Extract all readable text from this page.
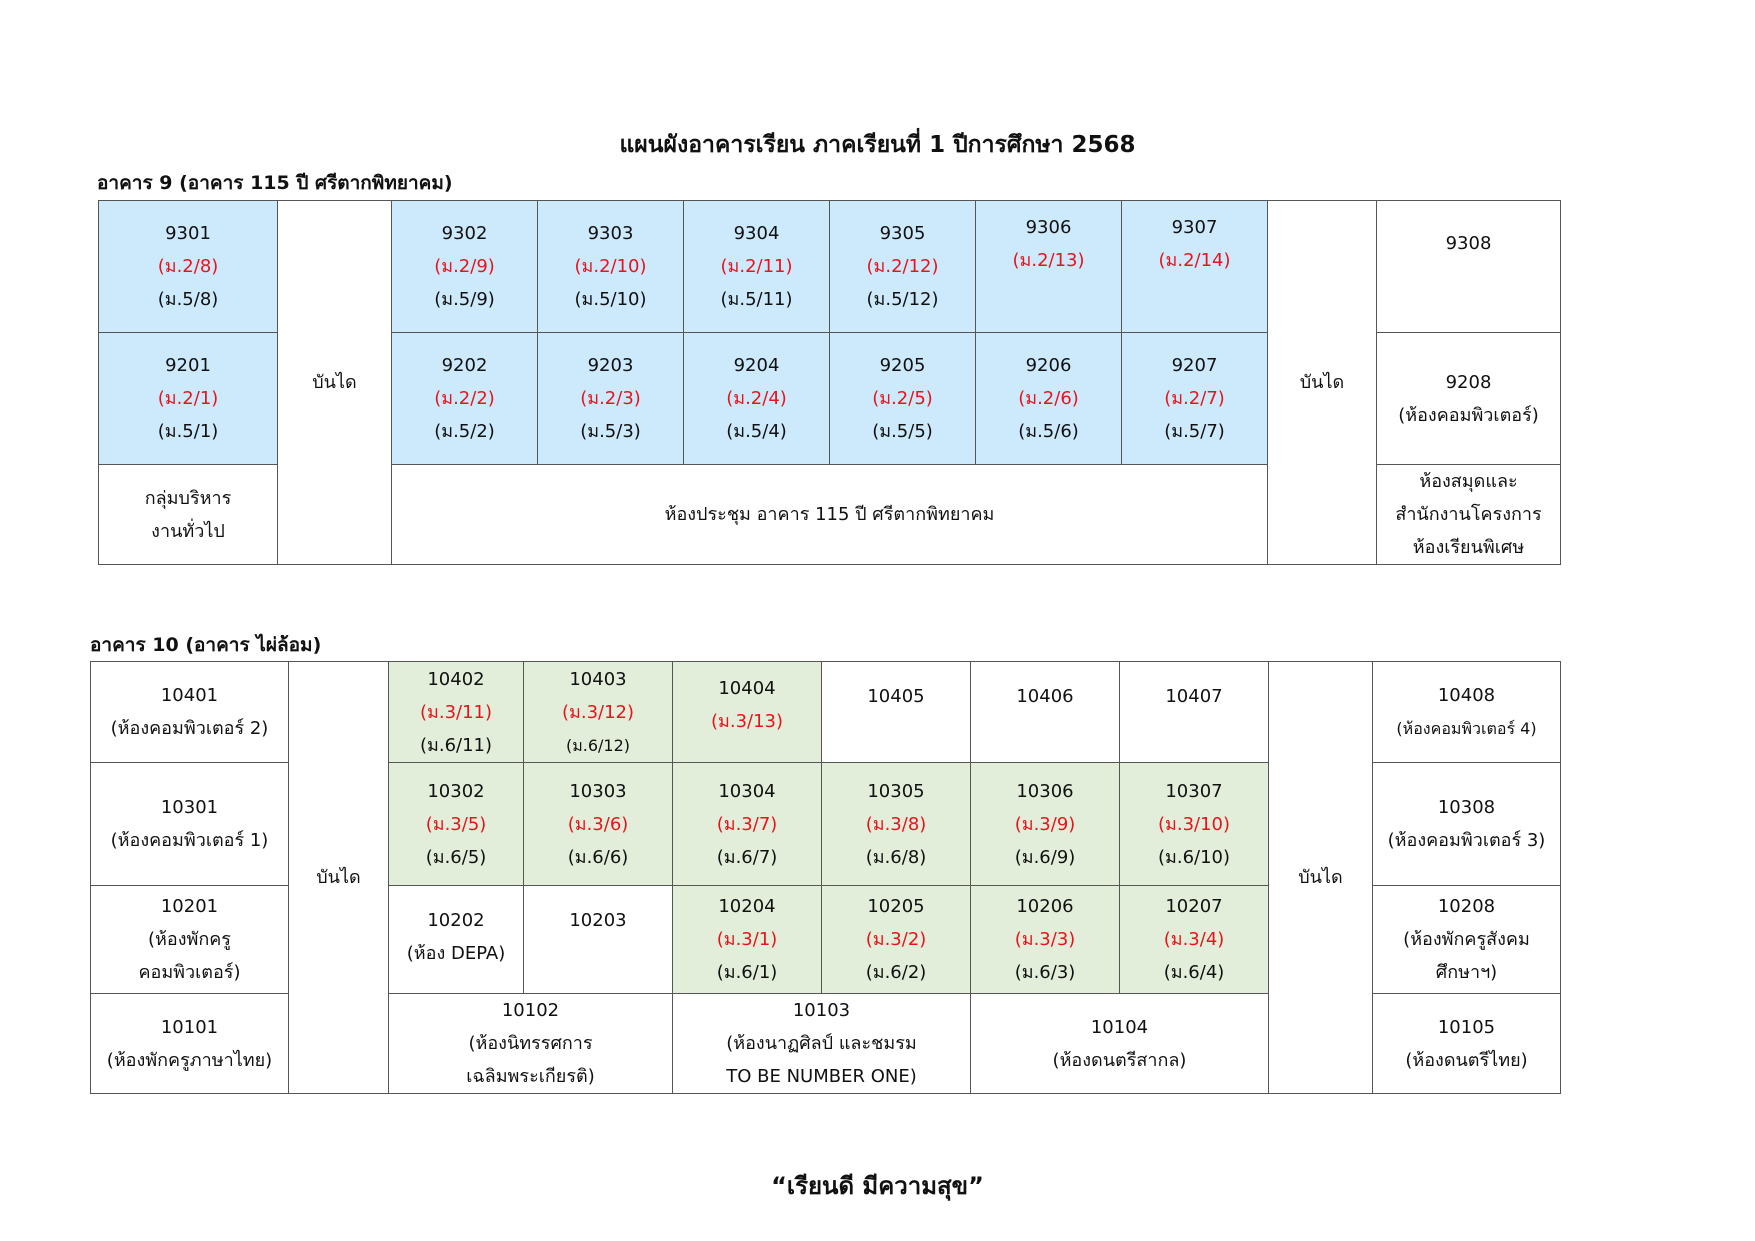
แผนผังอาคารเรียน ภาคเรียนที่ 1 ปีการศึกษา 2568
อาคาร 9 (อาคาร 115 ปี ศรีตากพิทยาคม)
9301
(ม.2/8)
(ม.5/8)	บันได	9302
(ม.2/9)
(ม.5/9)	9303
(ม.2/10)
(ม.5/10)	9304
(ม.2/11)
(ม.5/11)	9305
(ม.2/12)
(ม.5/12)	9306
(ม.2/13)	9307
(ม.2/14)	บันได	9308

9201
(ม.2/1)
(ม.5/1)		9202
(ม.2/2)
(ม.5/2)	9203
(ม.2/3)
(ม.5/3)	9204
(ม.2/4)
(ม.5/4)	9205
(ม.2/5)
(ม.5/5)	9206
(ม.2/6)
(ม.5/6)	9207
(ม.2/7)
(ม.5/7)		9208
(ห้องคอมพิวเตอร์)

กลุ่มบริหาร
งานทั่วไป		ห้องประชุม อาคาร 115 ปี ศรีตากพิทยาคม							ห้องสมุดและ
สำนักงานโครงการ
ห้องเรียนพิเศษ
อาคาร 10 (อาคาร ไผ่ล้อม)
10401
(ห้องคอมพิวเตอร์ 2)	บันได	10402
(ม.3/11)
(ม.6/11)	10403
(ม.3/12)
(ม.6/12)	10404
(ม.3/13)	10405	10406	10407	บันได	10408
(ห้องคอมพิวเตอร์ 4)

10301
(ห้องคอมพิวเตอร์ 1)		10302
(ม.3/5)
(ม.6/5)	10303
(ม.3/6)
(ม.6/6)	10304
(ม.3/7)
(ม.6/7)	10305
(ม.3/8)
(ม.6/8)	10306
(ม.3/9)
(ม.6/9)	10307
(ม.3/10)
(ม.6/10)		10308
(ห้องคอมพิวเตอร์ 3)

10201
(ห้องพักครู
คอมพิวเตอร์)		10202
(ห้อง DEPA)	10203	10204
(ม.3/1)
(ม.6/1)	10205
(ม.3/2)
(ม.6/2)	10206
(ม.3/3)
(ม.6/3)	10207
(ม.3/4)
(ม.6/4)		10208
(ห้องพักครูสังคม
ศึกษาฯ)

10101
(ห้องพักครูภาษาไทย)		10102
(ห้องนิทรรศการ
เฉลิมพระเกียรติ)		10103
(ห้องนาฏศิลป์ และชมรม
TO BE NUMBER ONE)		10104
(ห้องดนตรีสากล)			10105
(ห้องดนตรีไทย)
“เรียนดี มีความสุข”
